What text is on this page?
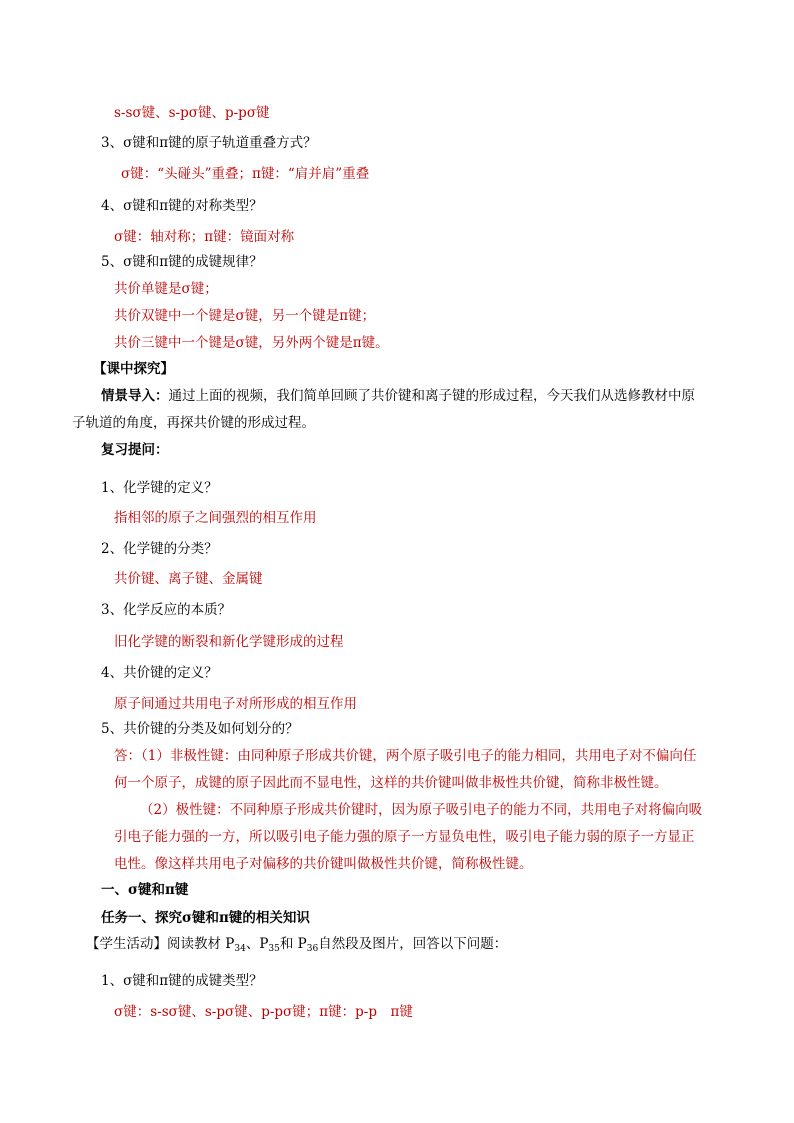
s-sσ键、s-pσ键、p-pσ键
3、σ键和π键的原子轨道重叠方式？
σ键：“头碰头”重叠；π键：“肩并肩”重叠
4、σ键和π键的对称类型？
σ键：轴对称；π键：镜面对称
5、σ键和π键的成键规律？
共价单键是σ键；
共价双键中一个键是σ键，另一个键是π键；
共价三键中一个键是σ键，另外两个键是π键。
【课中探究】
情景导入：通过上面的视频，我们简单回顾了共价键和离子键的形成过程，今天我们从选修教材中原
子轨道的角度，再探共价键的形成过程。
复习提问：
1、化学键的定义？
指相邻的原子之间强烈的相互作用
2、化学键的分类？
共价键、离子键、金属键
3、化学反应的本质？
旧化学键的断裂和新化学键形成的过程
4、共价键的定义？
原子间通过共用电子对所形成的相互作用
5、共价键的分类及如何划分的？
答：（1）非极性键：由同种原子形成共价键，两个原子吸引电子的能力相同，共用电子对不偏向任
何一个原子，成键的原子因此而不显电性，这样的共价键叫做非极性共价键，简称非极性键。
（2）极性键：不同种原子形成共价键时，因为原子吸引电子的能力不同，共用电子对将偏向吸
引电子能力强的一方，所以吸引电子能力强的原子一方显负电性，吸引电子能力弱的原子一方显正
电性。像这样共用电子对偏移的共价键叫做极性共价键，简称极性键。
一、σ键和π键
任务一、探究σ键和π键的相关知识
【学生活动】阅读教材 $P_{34}$、$P_{35}$和 $P_{36}$自然段及图片，回答以下问题：
1、σ键和π键的成键类型？
σ键：s-sσ键、s-pσ键、p-pσ键；π键：p-p　π键
